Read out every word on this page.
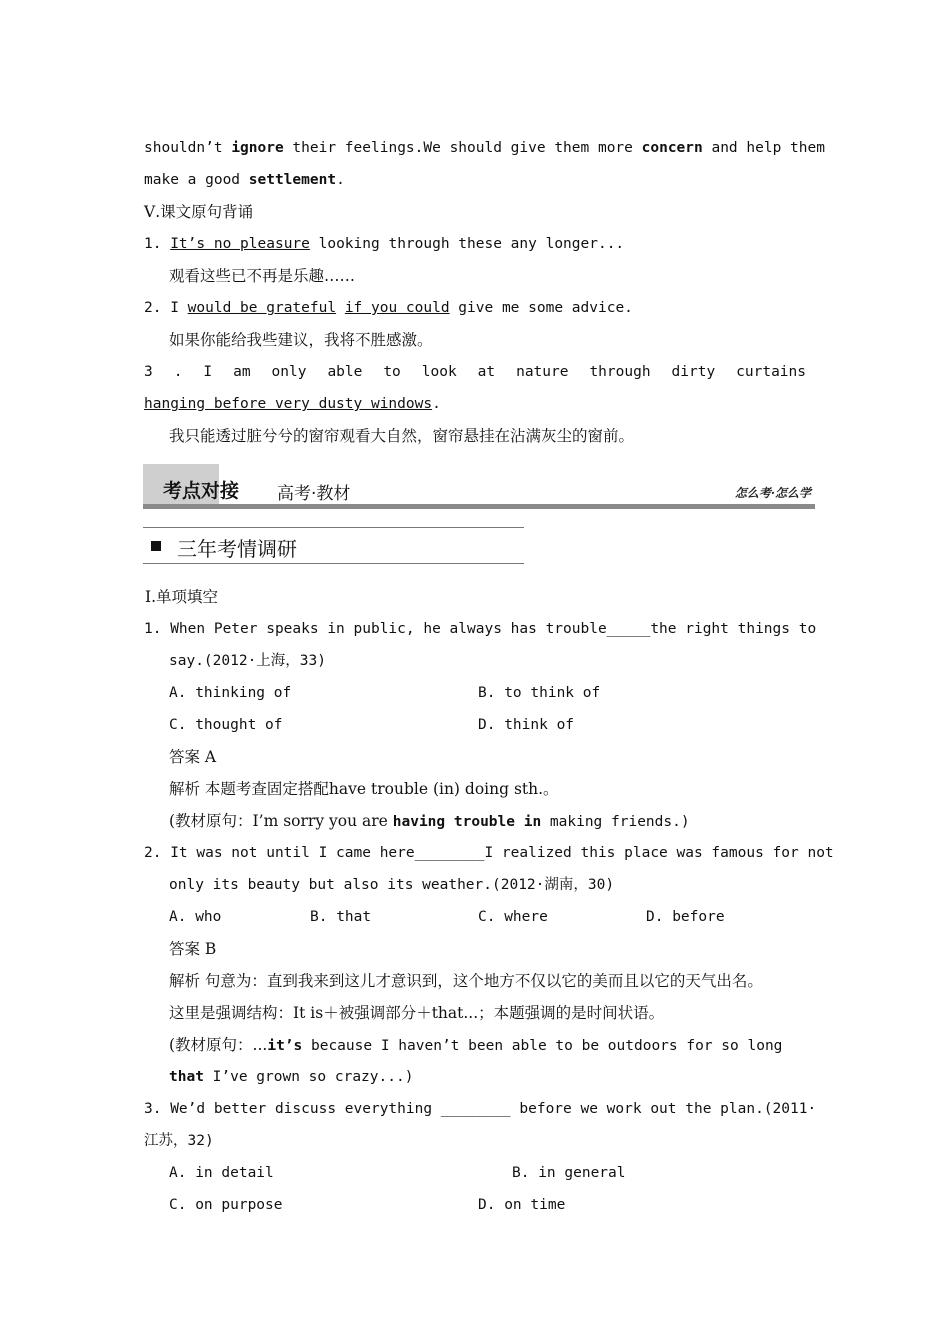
shouldn’t ignore their feelings.We should give them more concern and help them
make a good settlement.
Ⅴ.课文原句背诵
1. It’s no pleasure looking through these any longer...
观看这些已不再是乐趣……
2. I would be grateful if you could give me some advice.
如果你能给我些建议，我将不胜感激。
3 . I am only able to look at nature through dirty curtains
hanging before very dusty windows.
我只能透过脏兮兮的窗帘观看大自然，窗帘悬挂在沾满灰尘的窗前。
考点对接 高考·教材	怎么考·怎么学
三年考情调研
Ⅰ.单项填空
1. When Peter speaks in public, he always has trouble_____the right things to
say.(2012·上海，33)
A. thinking of	B. to think of
C. thought of	D. think of
答案 A
解析 本题考查固定搭配have trouble (in) doing sth.。
(教材原句：I’m sorry you are having trouble in making friends.)
2. It was not until I came here________I realized this place was famous for not
only its beauty but also its weather.(2012·湖南，30)
A. who	B. that	C. where	D. before
答案 B
解析 句意为：直到我来到这儿才意识到，这个地方不仅以它的美而且以它的天气出名。
这里是强调结构：It is＋被强调部分＋that...；本题强调的是时间状语。
(教材原句：...it’s because I haven’t been able to be outdoors for so long
that I’ve grown so crazy...)
3. We’d better discuss everything ________ before we work out the plan.(2011·
江苏，32)
A. in detail	B. in general
C. on purpose	D. on time
